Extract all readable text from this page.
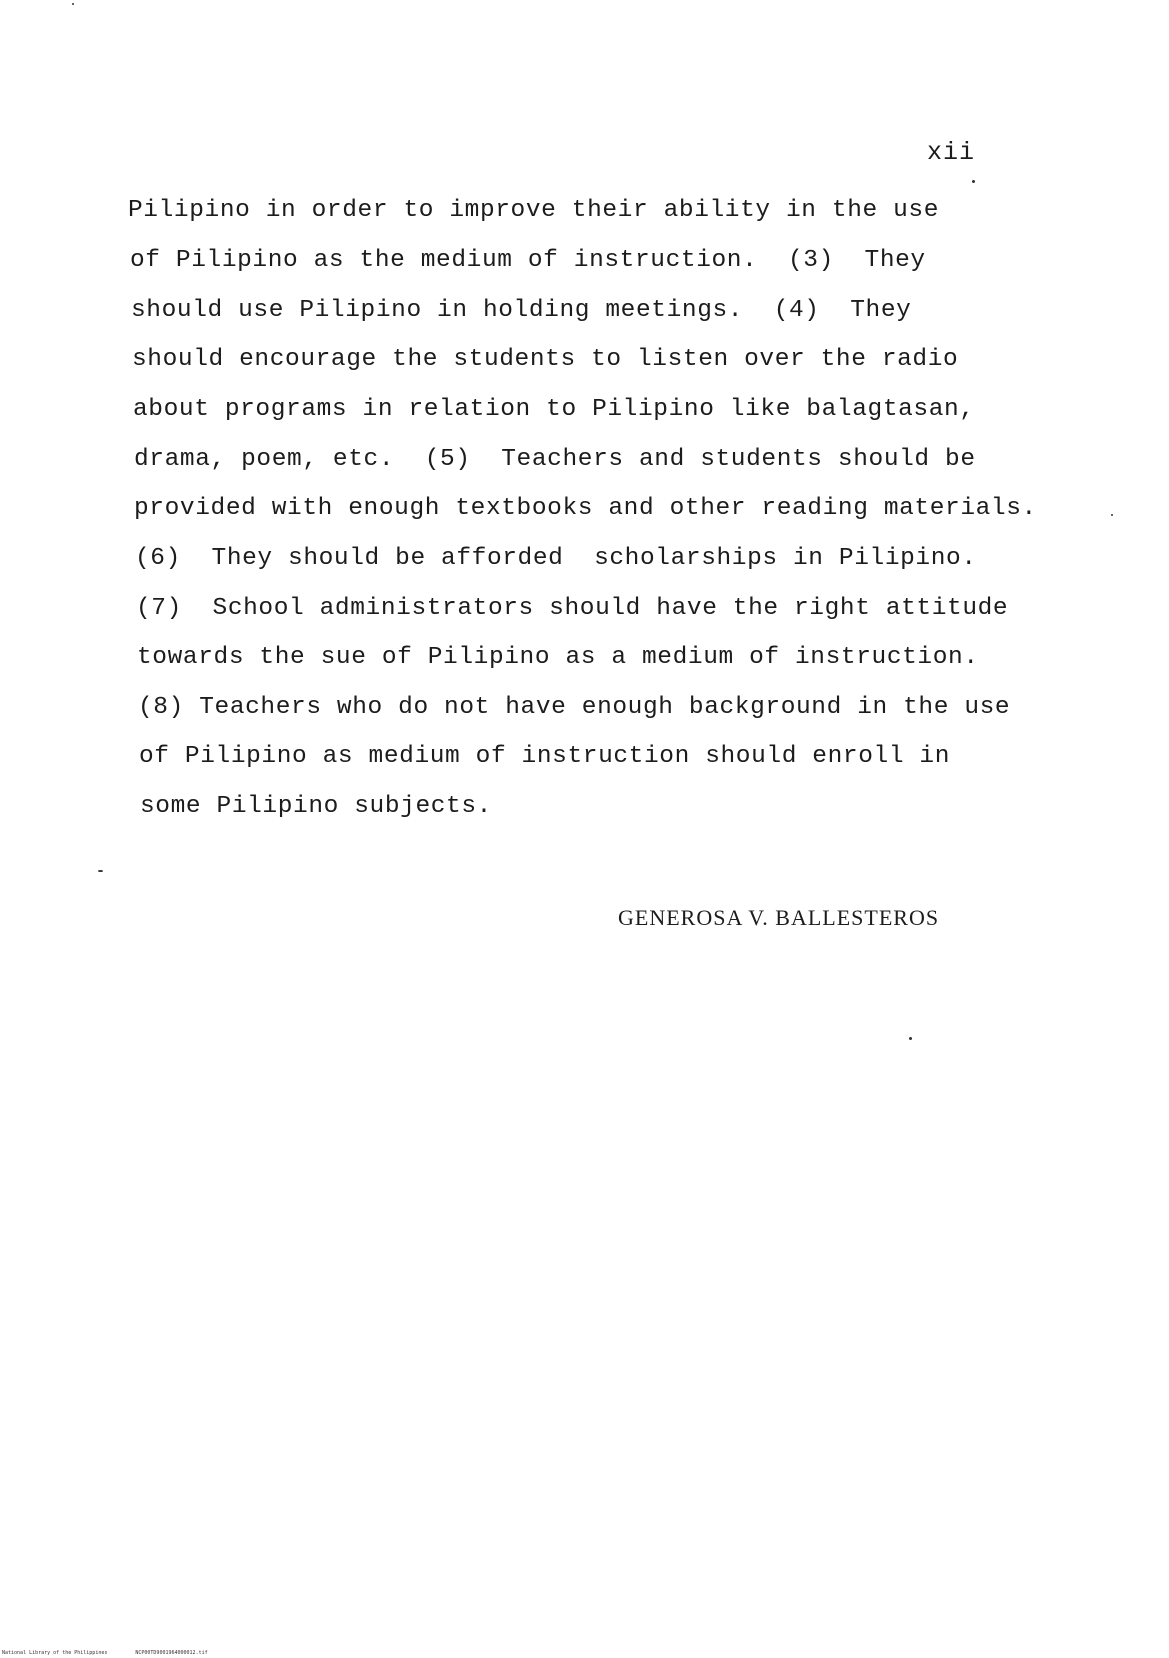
xii
Pilipino in order to improve their ability in the use
of Pilipino as the medium of instruction.  (3)  They
should use Pilipino in holding meetings.  (4)  They
should encourage the students to listen over the radio
about programs in relation to Pilipino like balagtasan,
drama, poem, etc.  (5)  Teachers and students should be
provided with enough textbooks and other reading materials.
(6)  They should be afforded  scholarships in Pilipino.
(7)  School administrators should have the right attitude
towards the sue of Pilipino as a medium of instruction.
(8) Teachers who do not have enough background in the use
of Pilipino as medium of instruction should enroll in
some Pilipino subjects.
GENEROSA V. BALLESTEROS
National Library of the Philippines	NCP00TD9001964000012.tif
